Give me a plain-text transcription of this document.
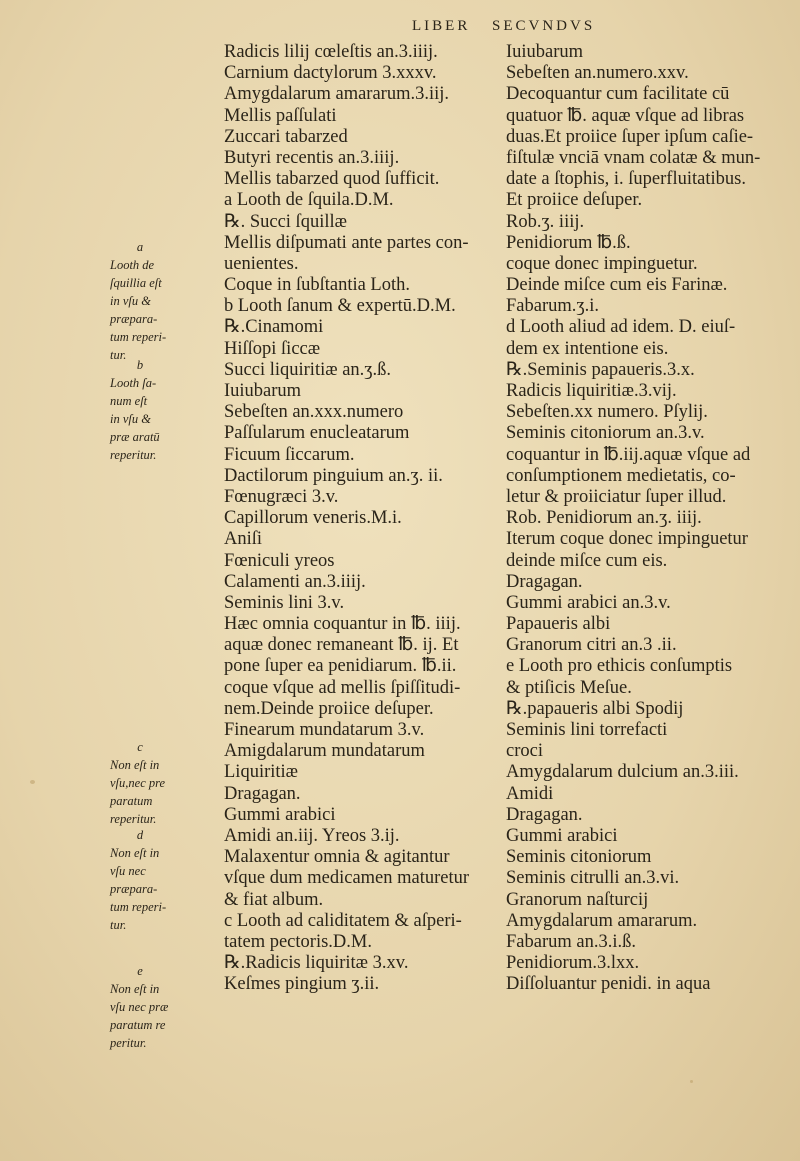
LIBER SECVNDVS
a
Looth de
ſquillia eſt
in vſu &
præpara-
tum reperi-
tur.
b
Looth ſa-
num eſt
in vſu &
præ aratū
reperitur.
c
Non eſt in
vſu,nec pre
paratum
reperitur.
d
Non eſt in
vſu nec
præpara-
tum reperi-
tur.
e
Non eſt in
vſu nec præ
paratum re
peritur.
Radicis lilij cœleſtis an.3.iiij.
Carnium dactylorum 3.xxxv.
Amygdalarum amararum.3.iij.
Mellis paſſulati
Zuccari tabarzed
Butyri recentis an.3.iiij.
Mellis tabarzed quod ſufficit.
a Looth de ſquila.D.M.
℞. Succi ſquillæ
Mellis diſpumati ante partes con-
uenientes.
Coque in ſubſtantia Loth.
b Looth ſanum & expertū.D.M.
℞.Cinamomi
Hiſſopi ſiccæ
Succi liquiritiæ an.ʒ.ß.
Iuiubarum
Sebeſten an.xxx.numero
Paſſularum enucleatarum
Ficuum ſiccarum.
Dactilorum pinguium an.ʒ. ii.
Fœnugræci 3.v.
Capillorum veneris.M.i.
Aniſi
Fœniculi yreos
Calamenti an.3.iiij.
Seminis lini 3.v.
Hæc omnia coquantur in ℔. iiij.
aquæ donec remaneant ℔. ij. Et
pone ſuper ea penidiarum. ℔.ii.
coque vſque ad mellis ſpiſſitudi-
nem.Deinde proiice deſuper.
Finearum mundatarum 3.v.
Amigdalarum mundatarum
Liquiritiæ
Dragagan.
Gummi arabici
Amidi an.iij. Yreos 3.ij.
Malaxentur omnia & agitantur
vſque dum medicamen maturetur
& fiat album.
c Looth ad caliditatem & aſperi-
tatem pectoris.D.M.
℞.Radicis liquiritæ 3.xv.
Keſmes pingium ʒ.ii.
Iuiubarum
Sebeſten an.numero.xxv.
Decoquantur cum facilitate cū
quatuor ℔. aquæ vſque ad libras
duas.Et proiice ſuper ipſum caſie-
fiſtulæ vnciā vnam colatæ & mun-
date a ſtophis, i. ſuperfluitatibus.
Et proiice deſuper.
Rob.ʒ. iiij.
Penidiorum ℔.ß.
coque donec impinguetur.
Deinde miſce cum eis Farinæ.
Fabarum.ʒ.i.
d Looth aliud ad idem. D. eiuſ-
dem ex intentione eis.
℞.Seminis papaueris.3.x.
Radicis liquiritiæ.3.vij.
Sebeſten.xx numero. Pſylij.
Seminis citoniorum an.3.v.
coquantur in ℔.iij.aquæ vſque ad
conſumptionem medietatis, co-
letur & proiiciatur ſuper illud.
Rob. Penidiorum an.ʒ. iiij.
Iterum coque donec impinguetur
deinde miſce cum eis.
Dragagan.
Gummi arabici an.3.v.
Papaueris albi
Granorum citri an.3 .ii.
e Looth pro ethicis conſumptis
& ptiſicis Meſue.
℞.papaueris albi Spodij
Seminis lini torrefacti
croci
Amygdalarum dulcium an.3.iii.
Amidi
Dragagan.
Gummi arabici
Seminis citoniorum
Seminis citrulli an.3.vi.
Granorum naſturcij
Amygdalarum amararum.
Fabarum an.3.i.ß.
Penidiorum.3.lxx.
Diſſoluantur penidi. in aqua
